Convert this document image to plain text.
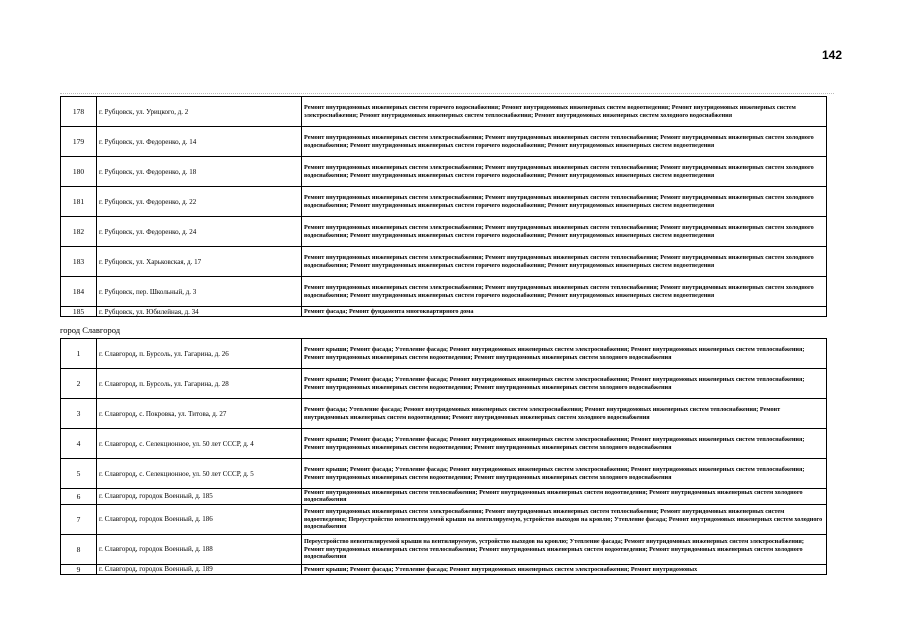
142
178	г. Рубцовск, ул. Урицкого, д. 2	Ремонт внутридомовых инженерных систем горячего водоснабжения; Ремонт внутридомовых инженерных систем водоотведения; Ремонт внутридомовых инженерных систем электроснабжения; Ремонт внутридомовых инженерных систем теплоснабжения; Ремонт внутридомовых инженерных систем холодного водоснабжения
179	г. Рубцовск, ул. Федоренко, д. 14	Ремонт внутридомовых инженерных систем электроснабжения; Ремонт внутридомовых инженерных систем теплоснабжения; Ремонт внутридомовых инженерных систем холодного водоснабжения; Ремонт внутридомовых инженерных систем горячего водоснабжения; Ремонт внутридомовых инженерных систем водоотведения
180	г. Рубцовск, ул. Федоренко, д. 18	Ремонт внутридомовых инженерных систем электроснабжения; Ремонт внутридомовых инженерных систем теплоснабжения; Ремонт внутридомовых инженерных систем холодного водоснабжения; Ремонт внутридомовых инженерных систем горячего водоснабжения; Ремонт внутридомовых инженерных систем водоотведения
181	г. Рубцовск, ул. Федоренко, д. 22	Ремонт внутридомовых инженерных систем электроснабжения; Ремонт внутридомовых инженерных систем теплоснабжения; Ремонт внутридомовых инженерных систем холодного водоснабжения; Ремонт внутридомовых инженерных систем горячего водоснабжения; Ремонт внутридомовых инженерных систем водоотведения
182	г. Рубцовск, ул. Федоренко, д. 24	Ремонт внутридомовых инженерных систем электроснабжения; Ремонт внутридомовых инженерных систем теплоснабжения; Ремонт внутридомовых инженерных систем холодного водоснабжения; Ремонт внутридомовых инженерных систем горячего водоснабжения; Ремонт внутридомовых инженерных систем водоотведения
183	г. Рубцовск, ул. Харьковская, д. 17	Ремонт внутридомовых инженерных систем электроснабжения; Ремонт внутридомовых инженерных систем теплоснабжения; Ремонт внутридомовых инженерных систем холодного водоснабжения; Ремонт внутридомовых инженерных систем горячего водоснабжения; Ремонт внутридомовых инженерных систем водоотведения
184	г. Рубцовск, пер. Школьный, д. 3	Ремонт внутридомовых инженерных систем электроснабжения; Ремонт внутридомовых инженерных систем теплоснабжения; Ремонт внутридомовых инженерных систем холодного водоснабжения; Ремонт внутридомовых инженерных систем горячего водоснабжения; Ремонт внутридомовых инженерных систем водоотведения
185	г. Рубцовск, ул. Юбилейная, д. 34	Ремонт фасада; Ремонт фундамента многоквартирного дома
город Славгород
1	г. Славгород, п. Бурсоль, ул. Гагарина, д. 26	Ремонт крыши; Ремонт фасада; Утепление фасада; Ремонт внутридомовых инженерных систем электроснабжения; Ремонт внутридомовых инженерных систем теплоснабжения; Ремонт внутридомовых инженерных систем водоотведения; Ремонт внутридомовых инженерных систем холодного водоснабжения
2	г. Славгород, п. Бурсоль, ул. Гагарина, д. 28	Ремонт крыши; Ремонт фасада; Утепление фасада; Ремонт внутридомовых инженерных систем электроснабжения; Ремонт внутридомовых инженерных систем теплоснабжения; Ремонт внутридомовых инженерных систем водоотведения; Ремонт внутридомовых инженерных систем холодного водоснабжения
3	г. Славгород, с. Покровка, ул. Титова, д. 27	Ремонт фасада; Утепление фасада; Ремонт внутридомовых инженерных систем электроснабжения; Ремонт внутридомовых инженерных систем теплоснабжения; Ремонт внутридомовых инженерных систем водоотведения; Ремонт внутридомовых инженерных систем холодного водоснабжения
4	г. Славгород, с. Селекционное, ул. 50 лет СССР, д. 4	Ремонт крыши; Ремонт фасада; Утепление фасада; Ремонт внутридомовых инженерных систем электроснабжения; Ремонт внутридомовых инженерных систем теплоснабжения; Ремонт внутридомовых инженерных систем водоотведения; Ремонт внутридомовых инженерных систем холодного водоснабжения
5	г. Славгород, с. Селекционное, ул. 50 лет СССР, д. 5	Ремонт крыши; Ремонт фасада; Утепление фасада; Ремонт внутридомовых инженерных систем электроснабжения; Ремонт внутридомовых инженерных систем теплоснабжения; Ремонт внутридомовых инженерных систем водоотведения; Ремонт внутридомовых инженерных систем холодного водоснабжения
6	г. Славгород, городок Военный, д. 185	Ремонт внутридомовых инженерных систем теплоснабжения; Ремонт внутридомовых инженерных систем водоотведения; Ремонт внутридомовых инженерных систем холодного водоснабжения
7	г. Славгород, городок Военный, д. 186	Ремонт внутридомовых инженерных систем электроснабжения; Ремонт внутридомовых инженерных систем теплоснабжения; Ремонт внутридомовых инженерных систем водоотведения; Переустройство невентилируемой крыши на вентилируемую, устройство выходов на кровлю; Утепление фасада; Ремонт внутридомовых инженерных систем холодного водоснабжения
8	г. Славгород, городок Военный, д. 188	Переустройство невентилируемой крыши на вентилируемую, устройство выходов на кровлю; Утепление фасада; Ремонт внутридомовых инженерных систем электроснабжения; Ремонт внутридомовых инженерных систем теплоснабжения; Ремонт внутридомовых инженерных систем водоотведения; Ремонт внутридомовых инженерных систем холодного водоснабжения
9	г. Славгород, городок Военный, д. 189	Ремонт крыши; Ремонт фасада; Утепление фасада; Ремонт внутридомовых инженерных систем электроснабжения; Ремонт внутридомовых
